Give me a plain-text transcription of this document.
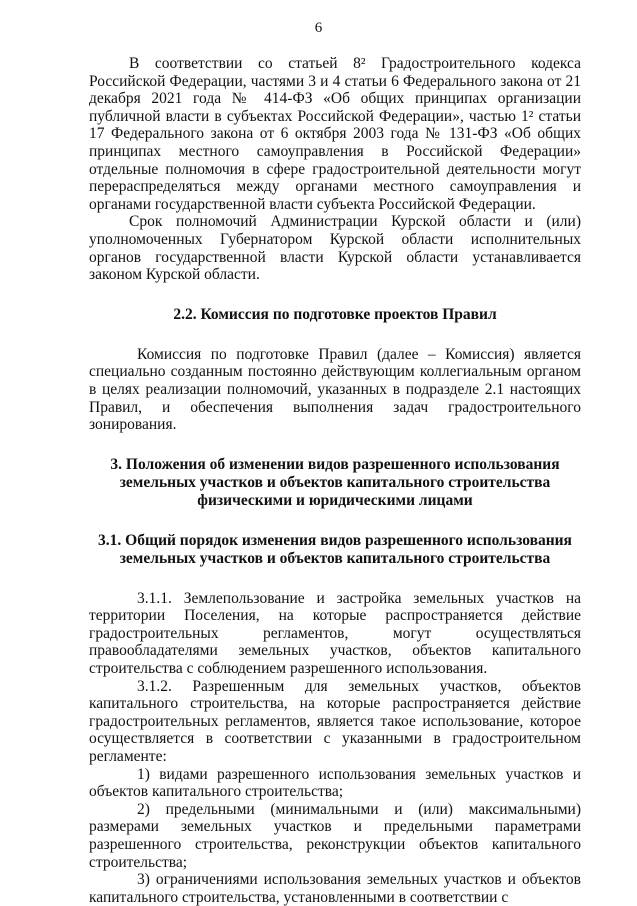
6

В соответствии со статьей 8² Градостроительного кодекса Российской Федерации, частями 3 и 4 статьи 6 Федерального закона от 21 декабря 2021 года № 414-ФЗ «Об общих принципах организации публичной власти в субъектах Российской Федерации», частью 1² статьи 17 Федерального закона от 6 октября 2003 года № 131-ФЗ «Об общих принципах местного самоуправления в Российской Федерации» отдельные полномочия в сфере градостроительной деятельности могут перераспределяться между органами местного самоуправления и органами государственной власти субъекта Российской Федерации.

Срок полномочий Администрации Курской области и (или) уполномоченных Губернатором Курской области исполнительных органов государственной власти Курской области устанавливается законом Курской области.

2.2. Комиссия по подготовке проектов Правил

Комиссия по подготовке Правил (далее – Комиссия) является специально созданным постоянно действующим коллегиальным органом в целях реализации полномочий, указанных в подразделе 2.1 настоящих Правил, и обеспечения выполнения задач градостроительного зонирования.

3. Положения об изменении видов разрешенного использования
земельных участков и объектов капитального строительства
физическими и юридическими лицами
3.1. Общий порядок изменения видов разрешенного использования
земельных участков и объектов капитального строительства

3.1.1. Землепользование и застройка земельных участков на территории Поселения, на которые распространяется действие градостроительных регламентов, могут осуществляться правообладателями земельных участков, объектов капитального строительства с соблюдением разрешенного использования.

3.1.2. Разрешенным для земельных участков, объектов капитального строительства, на которые распространяется действие градостроительных регламентов, является такое использование, которое осуществляется в соответствии с указанными в градостроительном регламенте:

1) видами разрешенного использования земельных участков и объектов капитального строительства;

2) предельными (минимальными и (или) максимальными) размерами земельных участков и предельными параметрами разрешенного строительства, реконструкции объектов капитального строительства;

3) ограничениями использования земельных участков и объектов капитального строительства, установленными в соответствии с
